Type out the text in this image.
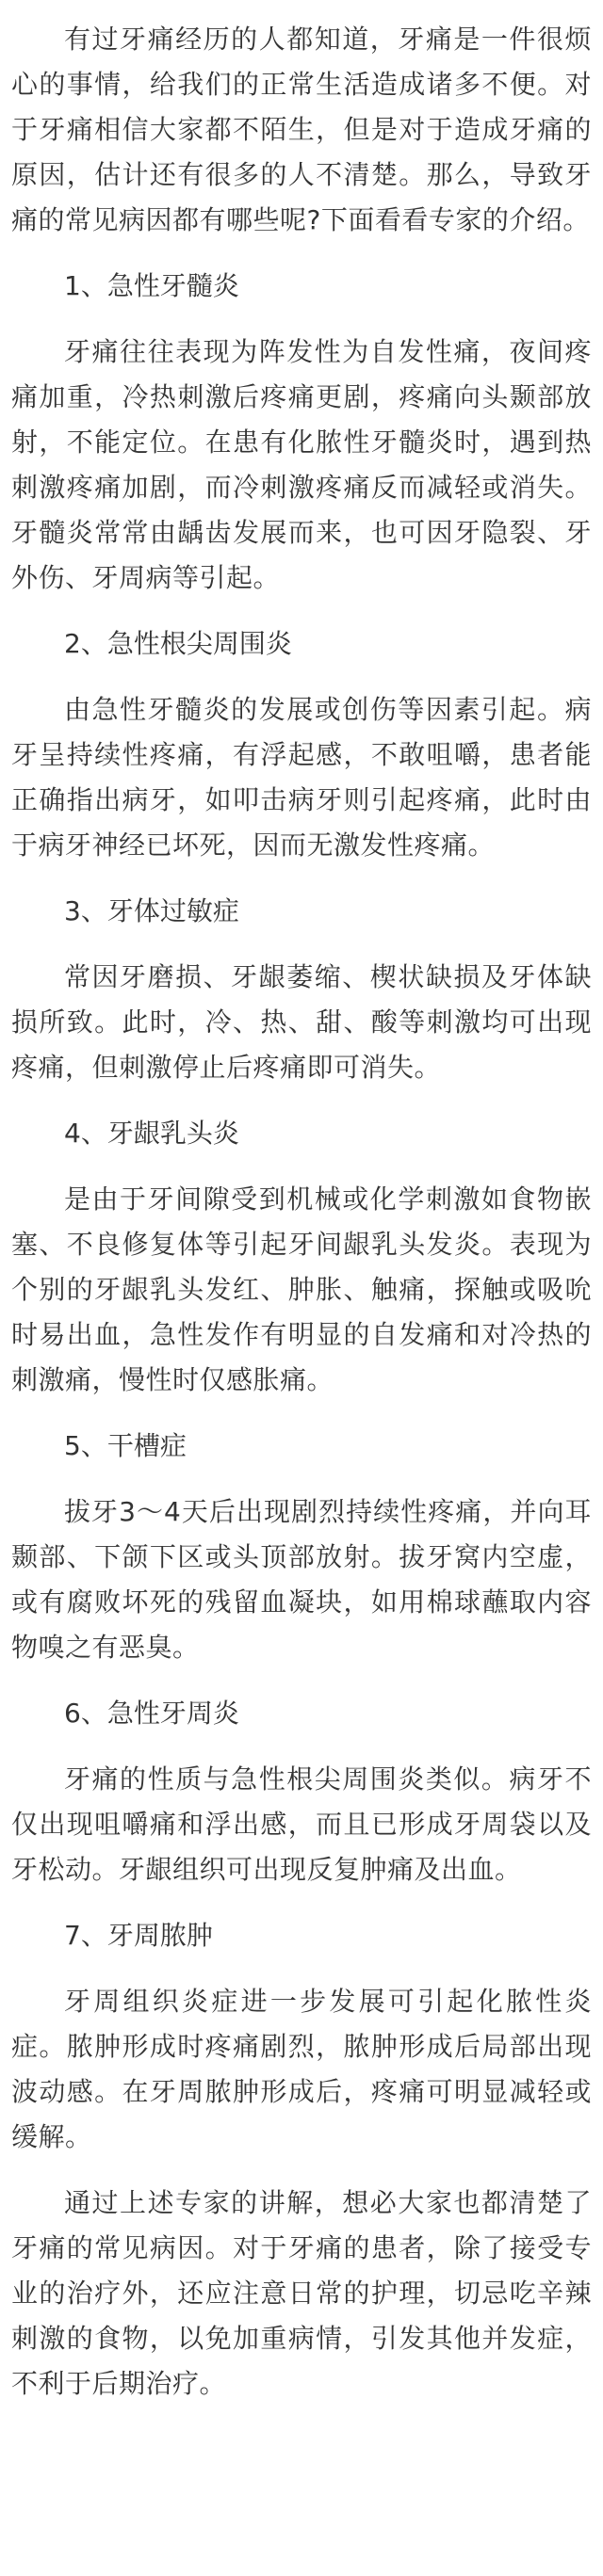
有过牙痛经历的人都知道，牙痛是一件很烦心的事情，给我们的正常生活造成诸多不便。对于牙痛相信大家都不陌生，但是对于造成牙痛的原因，估计还有很多的人不清楚。那么，导致牙痛的常见病因都有哪些呢?下面看看专家的介绍。

1、急性牙髓炎

牙痛往往表现为阵发性为自发性痛，夜间疼痛加重，冷热刺激后疼痛更剧，疼痛向头颞部放射，不能定位。在患有化脓性牙髓炎时，遇到热刺激疼痛加剧，而冷刺激疼痛反而减轻或消失。牙髓炎常常由龋齿发展而来，也可因牙隐裂、牙外伤、牙周病等引起。

2、急性根尖周围炎

由急性牙髓炎的发展或创伤等因素引起。病牙呈持续性疼痛，有浮起感，不敢咀嚼，患者能正确指出病牙，如叩击病牙则引起疼痛，此时由于病牙神经已坏死，因而无激发性疼痛。

3、牙体过敏症

常因牙磨损、牙龈萎缩、楔状缺损及牙体缺损所致。此时，冷、热、甜、酸等刺激均可出现疼痛，但刺激停止后疼痛即可消失。

4、牙龈乳头炎

是由于牙间隙受到机械或化学刺激如食物嵌塞、不良修复体等引起牙间龈乳头发炎。表现为个别的牙龈乳头发红、肿胀、触痛，探触或吸吮时易出血，急性发作有明显的自发痛和对冷热的刺激痛，慢性时仅感胀痛。

5、干槽症

拔牙3～4天后出现剧烈持续性疼痛，并向耳颞部、下颌下区或头顶部放射。拔牙窝内空虚，或有腐败坏死的残留血凝块，如用棉球蘸取内容物嗅之有恶臭。

6、急性牙周炎

牙痛的性质与急性根尖周围炎类似。病牙不仅出现咀嚼痛和浮出感，而且已形成牙周袋以及牙松动。牙龈组织可出现反复肿痛及出血。

7、牙周脓肿

牙周组织炎症进一步发展可引起化脓性炎症。脓肿形成时疼痛剧烈，脓肿形成后局部出现波动感。在牙周脓肿形成后，疼痛可明显减轻或缓解。

通过上述专家的讲解，想必大家也都清楚了牙痛的常见病因。对于牙痛的患者，除了接受专业的治疗外，还应注意日常的护理，切忌吃辛辣刺激的食物，以免加重病情，引发其他并发症，不利于后期治疗。
